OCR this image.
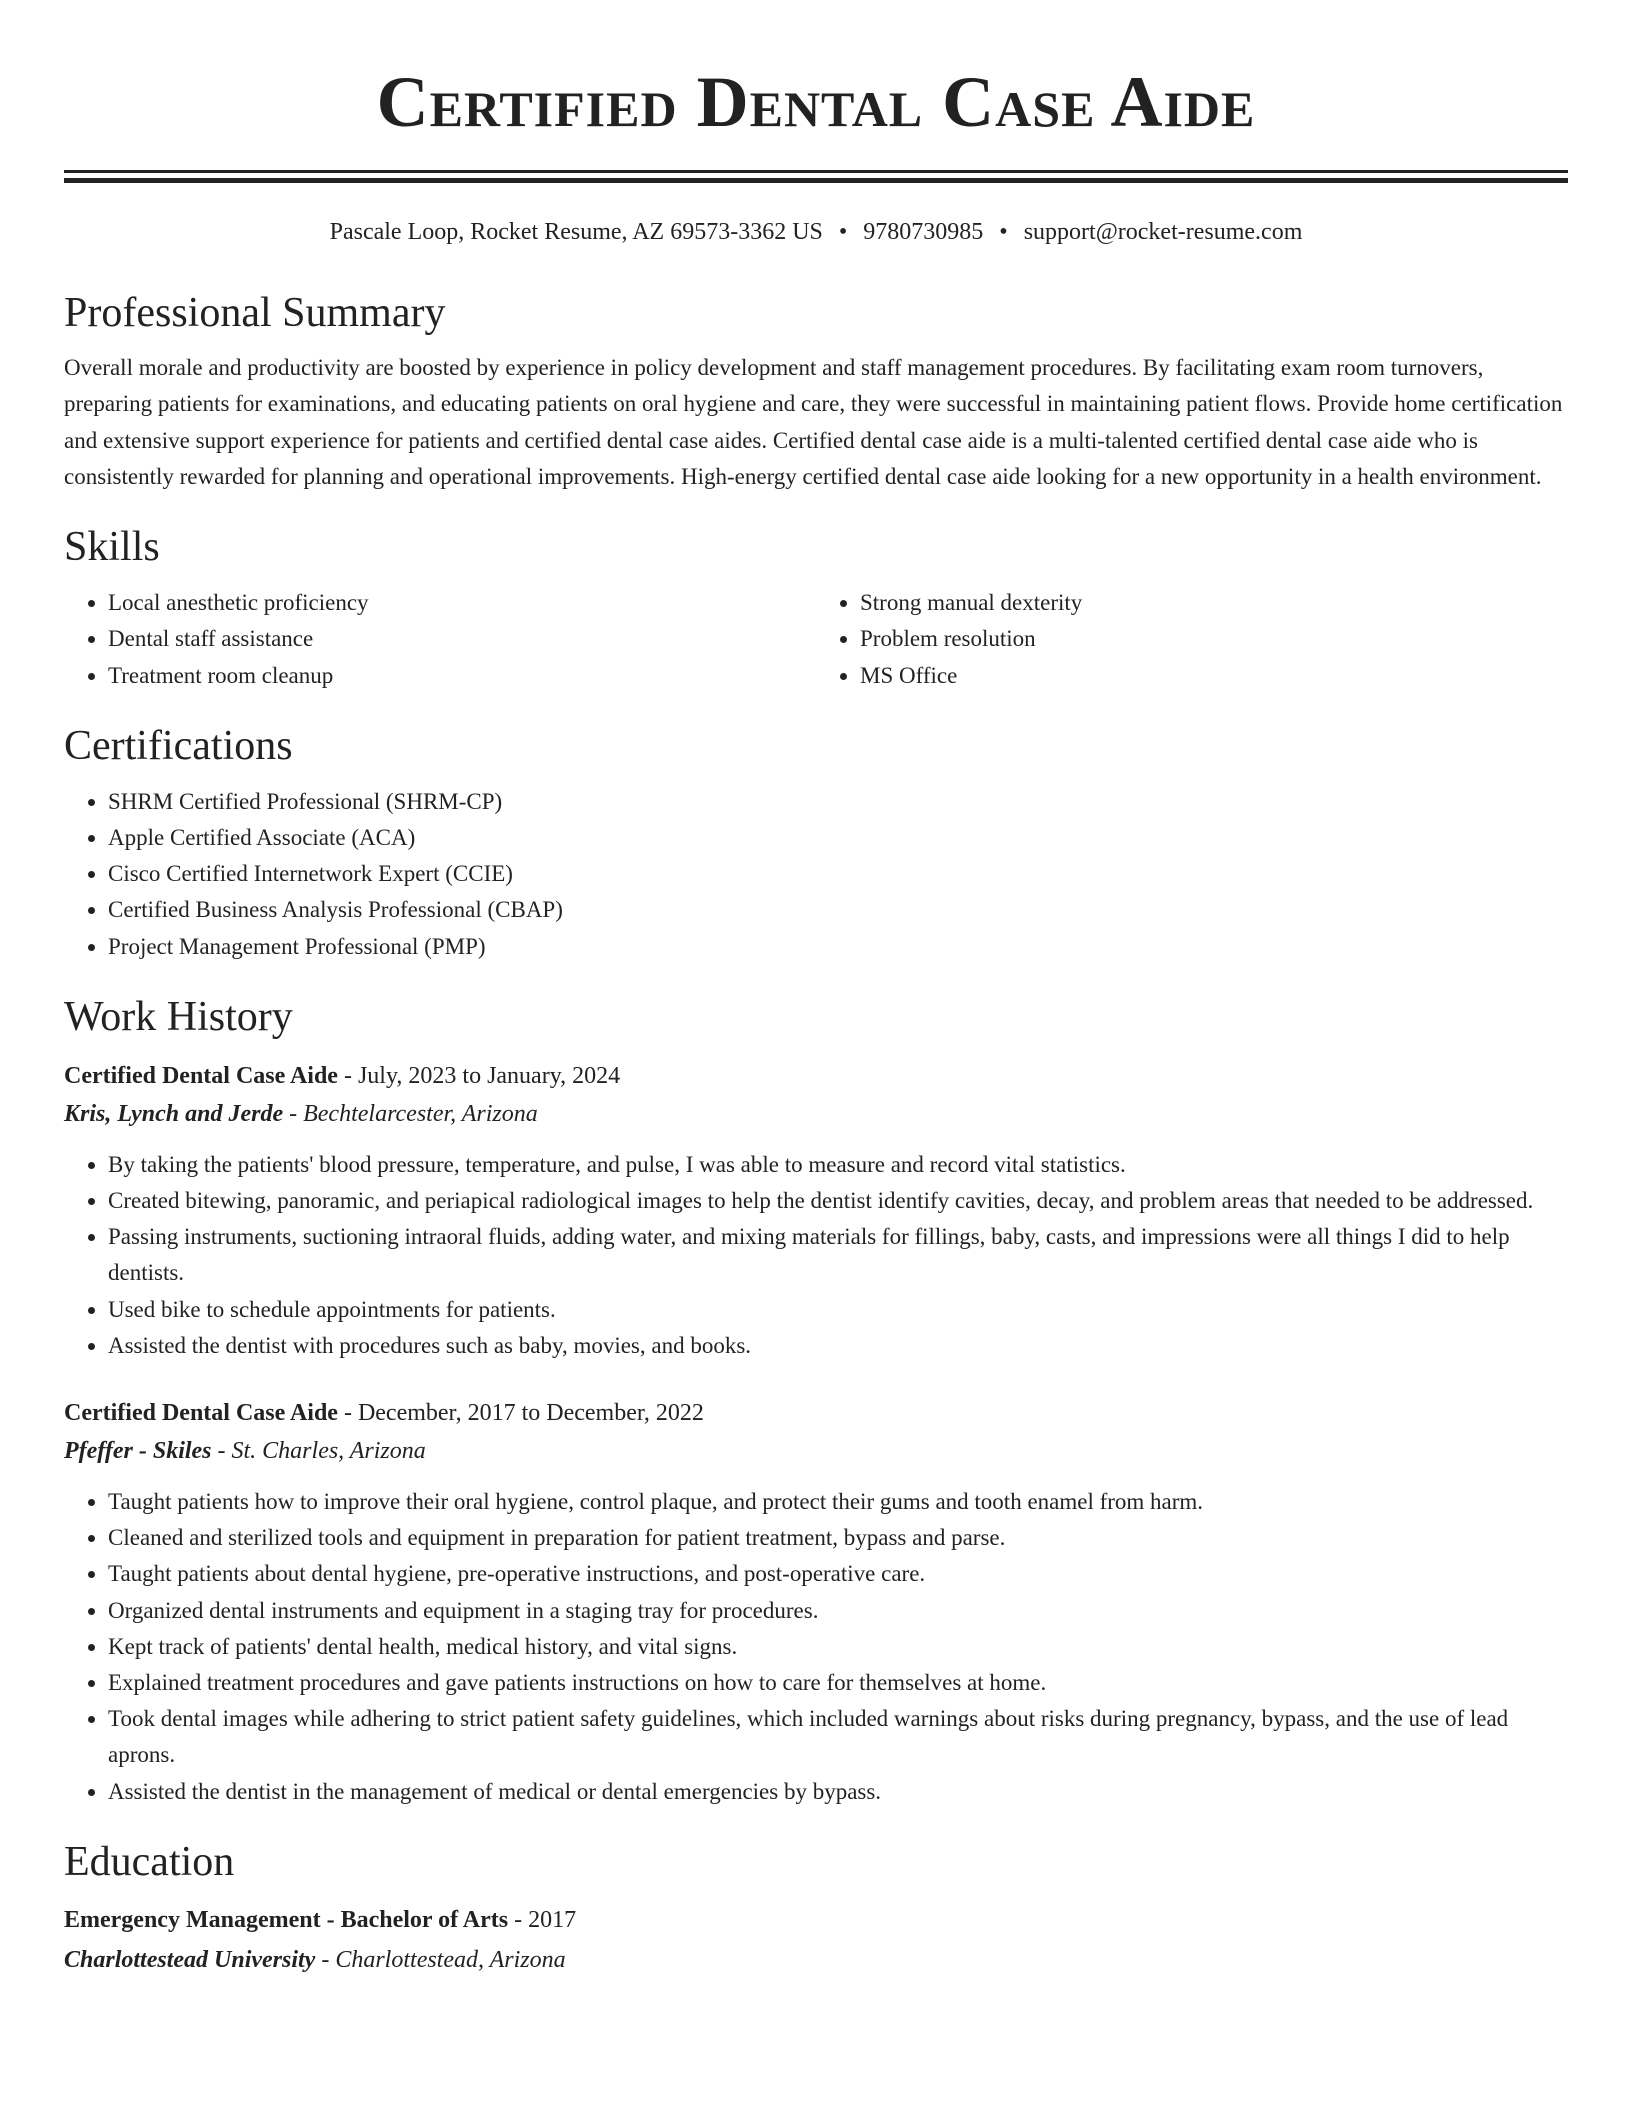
Certified Dental Case Aide
Pascale Loop, Rocket Resume, AZ 69573-3362 US • 9780730985 • support@rocket-resume.com
Professional Summary
Overall morale and productivity are boosted by experience in policy development and staff management procedures. By facilitating exam room turnovers, preparing patients for examinations, and educating patients on oral hygiene and care, they were successful in maintaining patient flows. Provide home certification and extensive support experience for patients and certified dental case aides. Certified dental case aide is a multi-talented certified dental case aide who is consistently rewarded for planning and operational improvements. High-energy certified dental case aide looking for a new opportunity in a health environment.
Skills
• Local anesthetic proficiency
• Dental staff assistance
• Treatment room cleanup
• Strong manual dexterity
• Problem resolution
• MS Office
Certifications
• SHRM Certified Professional (SHRM-CP)
• Apple Certified Associate (ACA)
• Cisco Certified Internetwork Expert (CCIE)
• Certified Business Analysis Professional (CBAP)
• Project Management Professional (PMP)
Work History
Certified Dental Case Aide - July, 2023 to January, 2024
Kris, Lynch and Jerde - Bechtelarcester, Arizona
• By taking the patients' blood pressure, temperature, and pulse, I was able to measure and record vital statistics.
• Created bitewing, panoramic, and periapical radiological images to help the dentist identify cavities, decay, and problem areas that needed to be addressed.
• Passing instruments, suctioning intraoral fluids, adding water, and mixing materials for fillings, baby, casts, and impressions were all things I did to help dentists.
• Used bike to schedule appointments for patients.
• Assisted the dentist with procedures such as baby, movies, and books.
Certified Dental Case Aide - December, 2017 to December, 2022
Pfeffer - Skiles - St. Charles, Arizona
• Taught patients how to improve their oral hygiene, control plaque, and protect their gums and tooth enamel from harm.
• Cleaned and sterilized tools and equipment in preparation for patient treatment, bypass and parse.
• Taught patients about dental hygiene, pre-operative instructions, and post-operative care.
• Organized dental instruments and equipment in a staging tray for procedures.
• Kept track of patients' dental health, medical history, and vital signs.
• Explained treatment procedures and gave patients instructions on how to care for themselves at home.
• Took dental images while adhering to strict patient safety guidelines, which included warnings about risks during pregnancy, bypass, and the use of lead aprons.
• Assisted the dentist in the management of medical or dental emergencies by bypass.
Education
Emergency Management - Bachelor of Arts - 2017
Charlottestead University - Charlottestead, Arizona
